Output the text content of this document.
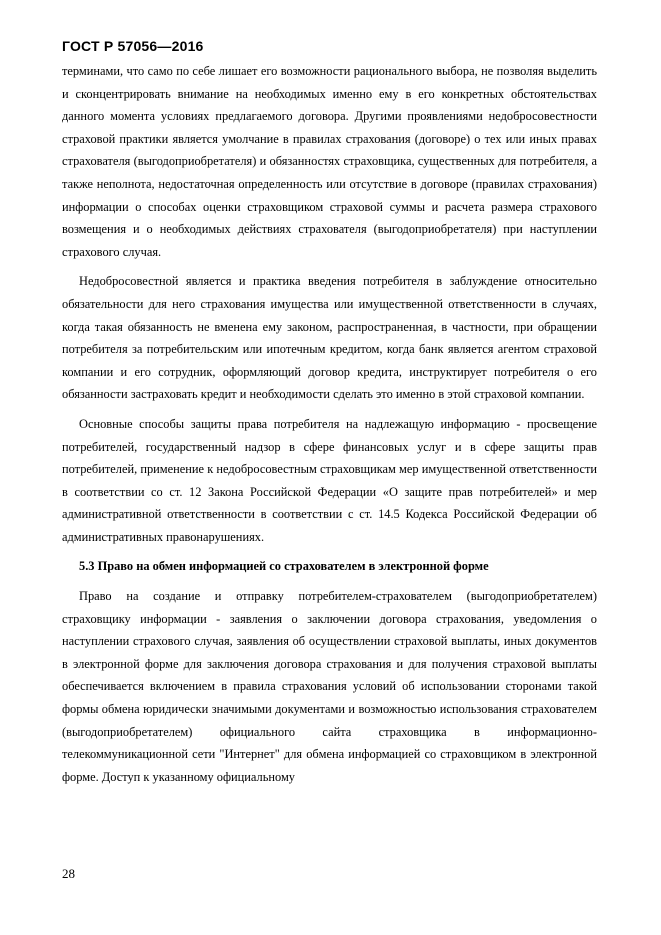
ГОСТ Р 57056—2016

терминами, что само по себе лишает его возможности рационального выбора, не позволяя выделить и сконцентрировать внимание на необходимых именно ему в его конкретных обстоятельствах данного момента условиях предлагаемого договора. Другими проявлениями недобросовестности страховой практики является умолчание в правилах страхования (договоре) о тех или иных правах страхователя (выгодоприобретателя) и обязанностях страховщика, существенных для потребителя, а также неполнота, недостаточная определенность или отсутствие в договоре (правилах страхования) информации о способах оценки страховщиком страховой суммы и расчета размера страхового возмещения и о необходимых действиях страхователя (выгодоприобретателя) при наступлении страхового случая.

Недобросовестной является и практика введения потребителя в заблуждение относительно обязательности для него страхования имущества или имущественной ответственности в случаях, когда такая обязанность не вменена ему законом, распространенная, в частности, при обращении потребителя за потребительским или ипотечным кредитом, когда банк является агентом страховой компании и его сотрудник, оформляющий договор кредита, инструктирует потребителя о его обязанности застраховать кредит и необходимости сделать это именно в этой страховой компании.

Основные способы защиты права потребителя на надлежащую информацию - просвещение потребителей, государственный надзор в сфере финансовых услуг и в сфере защиты прав потребителей, применение к недобросовестным страховщикам мер имущественной ответственности в соответствии со ст. 12 Закона Российской Федерации «О защите прав потребителей» и мер административной ответственности в соответствии с ст. 14.5 Кодекса Российской Федерации об административных правонарушениях.

5.3 Право на обмен информацией со страхователем в электронной форме

Право на создание и отправку потребителем-страхователем (выгодоприобретателем) страховщику информации - заявления о заключении договора страхования, уведомления о наступлении страхового случая, заявления об осуществлении страховой выплаты, иных документов в электронной форме для заключения договора страхования и для получения страховой выплаты обеспечивается включением в правила страхования условий об использовании сторонами такой формы обмена юридически значимыми документами и возможностью использования страхователем (выгодоприобретателем) официального сайта страховщика в информационно-телекоммуникационной сети "Интернет" для обмена информацией со страховщиком в электронной форме. Доступ к указанному официальному

28
